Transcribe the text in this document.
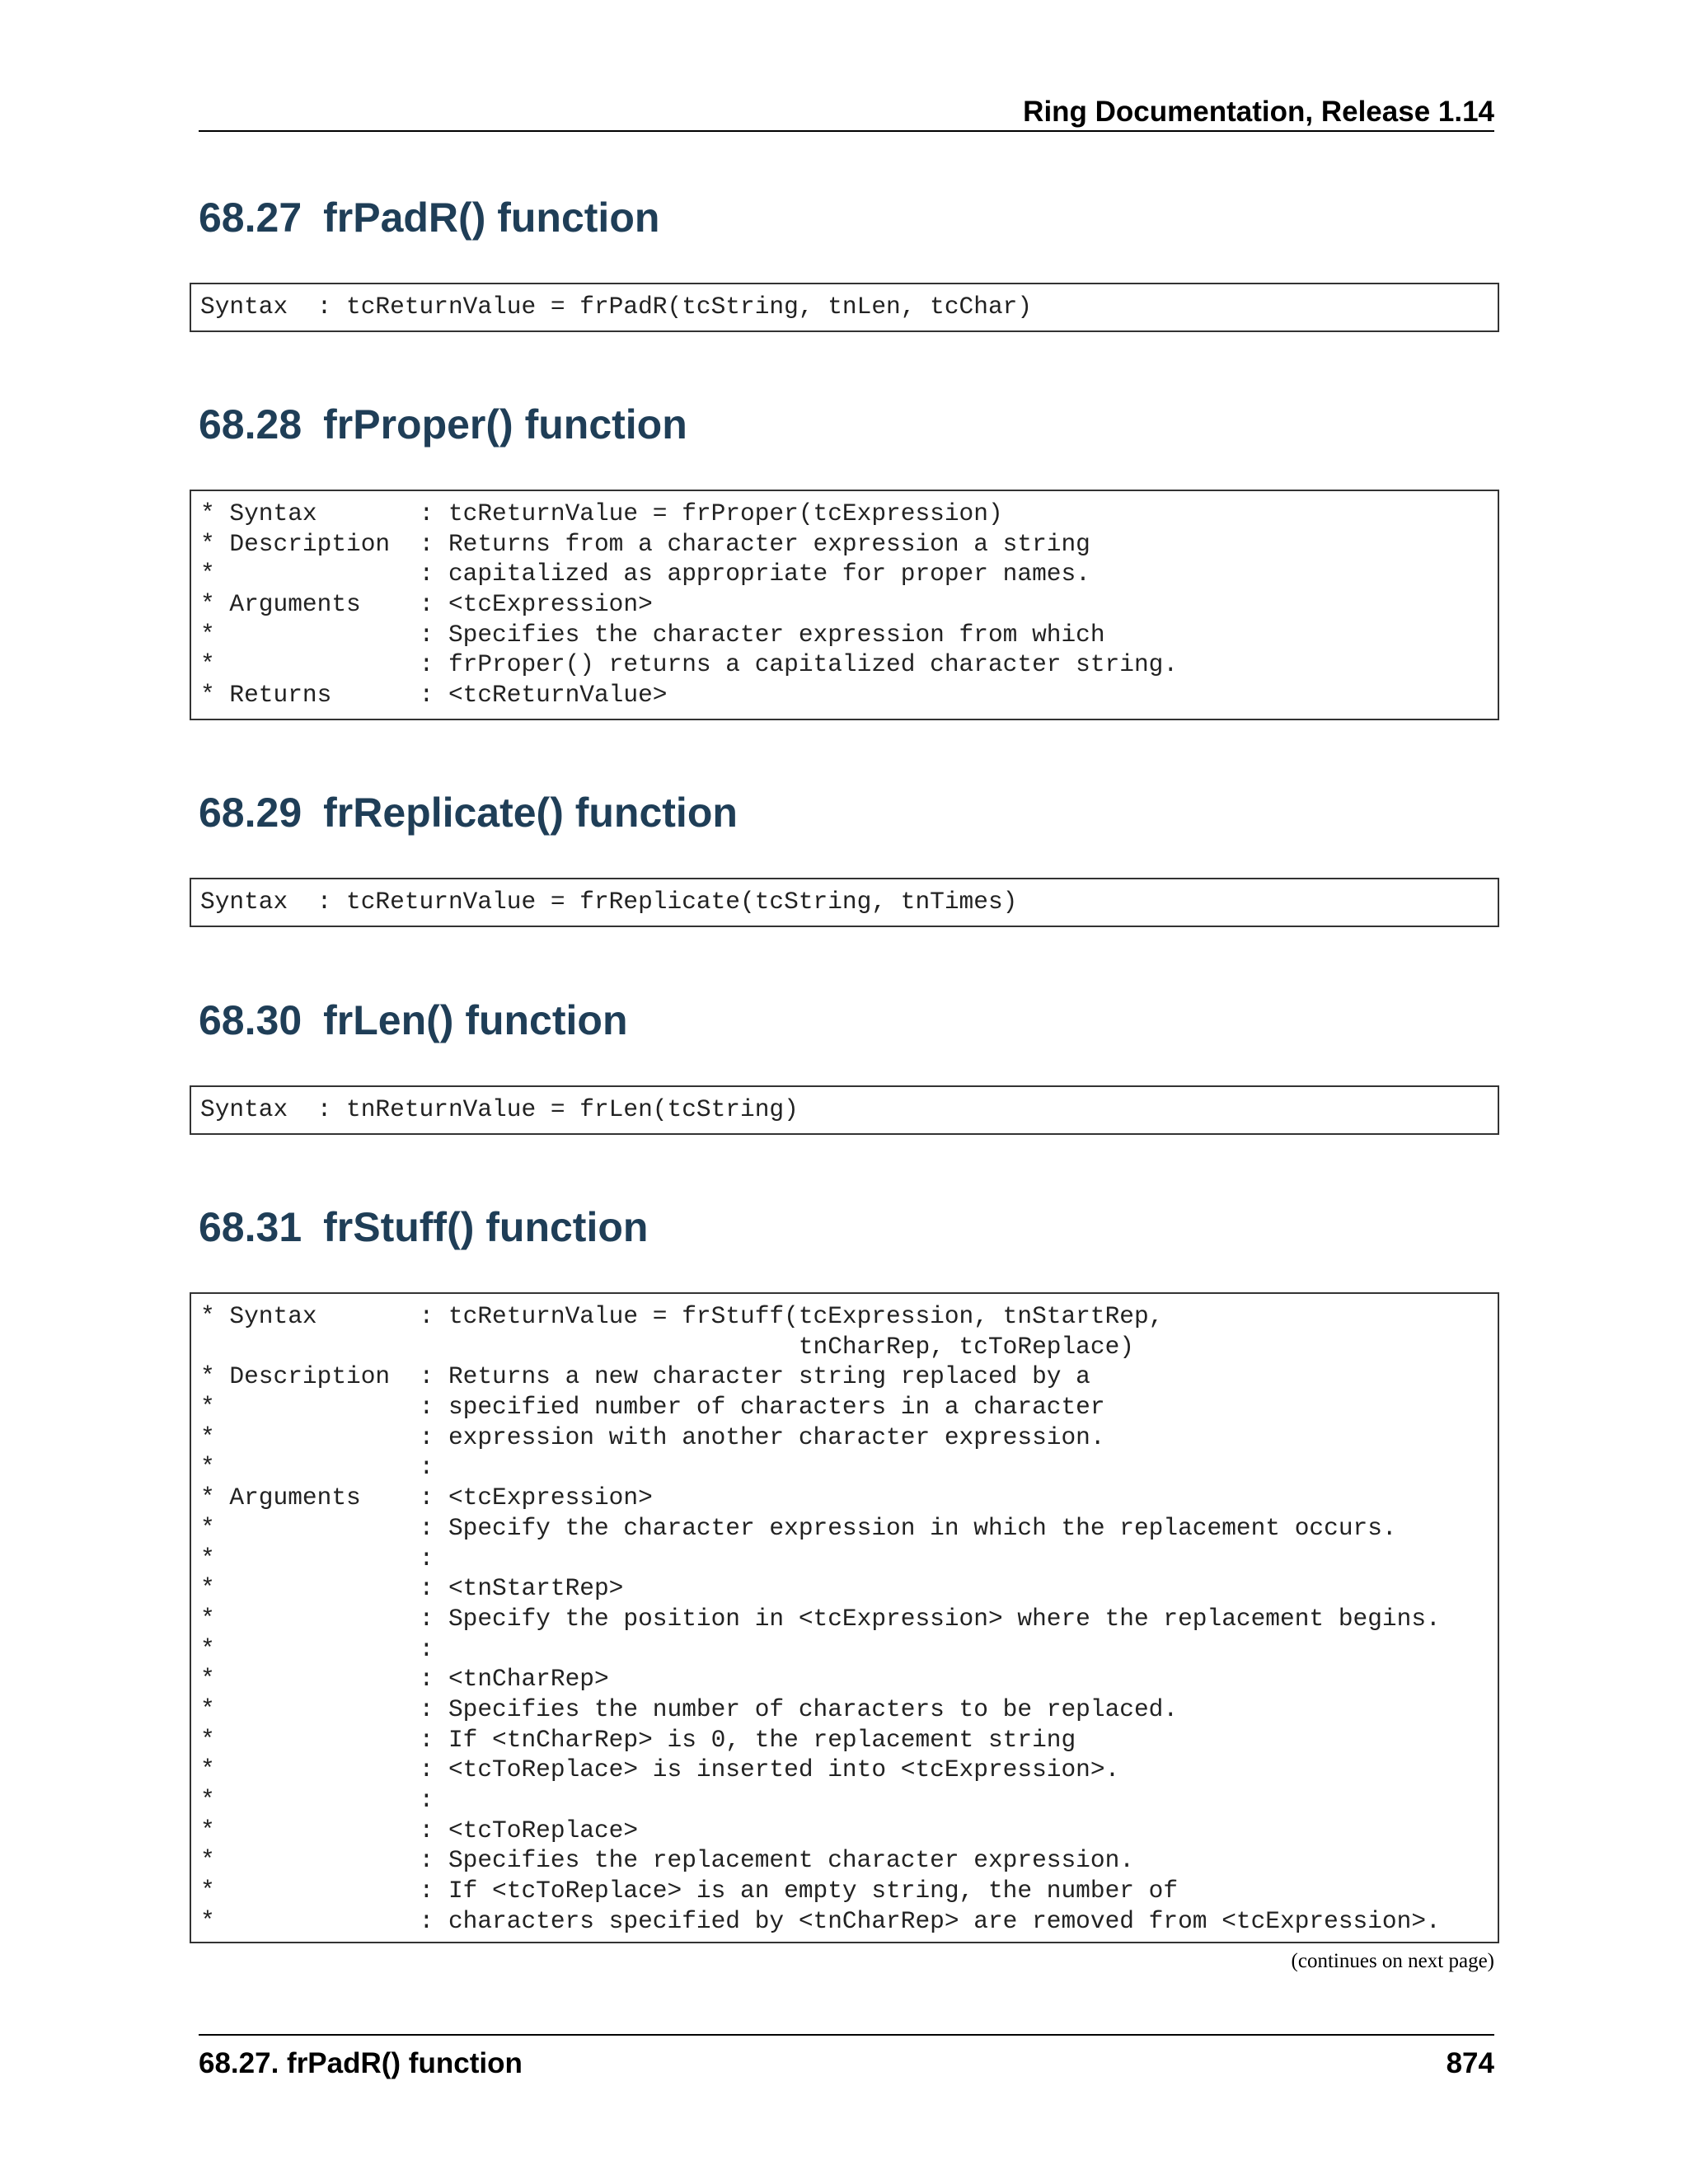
Ring Documentation, Release 1.14
68.27 frPadR() function
Syntax  : tcReturnValue = frPadR(tcString, tnLen, tcChar)
68.28 frProper() function
* Syntax       : tcReturnValue = frProper(tcExpression)
* Description  : Returns from a character expression a string
*              : capitalized as appropriate for proper names.
* Arguments    : <tcExpression>
*              : Specifies the character expression from which
*              : frProper() returns a capitalized character string.
* Returns      : <tcReturnValue>
68.29 frReplicate() function
Syntax  : tcReturnValue = frReplicate(tcString, tnTimes)
68.30 frLen() function
Syntax  : tnReturnValue = frLen(tcString)
68.31 frStuff() function
* Syntax       : tcReturnValue = frStuff(tcExpression, tnStartRep,
tnCharRep, tcToReplace)
* Description  : Returns a new character string replaced by a
*              : specified number of characters in a character
*              : expression with another character expression.
*              :
* Arguments    : <tcExpression>
*              : Specify the character expression in which the replacement occurs.
*              :
*              : <tnStartRep>
*              : Specify the position in <tcExpression> where the replacement begins.
*              :
*              : <tnCharRep>
*              : Specifies the number of characters to be replaced.
*              : If <tnCharRep> is 0, the replacement string
*              : <tcToReplace> is inserted into <tcExpression>.
*              :
*              : <tcToReplace>
*              : Specifies the replacement character expression.
*              : If <tcToReplace> is an empty string, the number of
*              : characters specified by <tnCharRep> are removed from <tcExpression>.
(continues on next page)
68.27. frPadR() function	874
